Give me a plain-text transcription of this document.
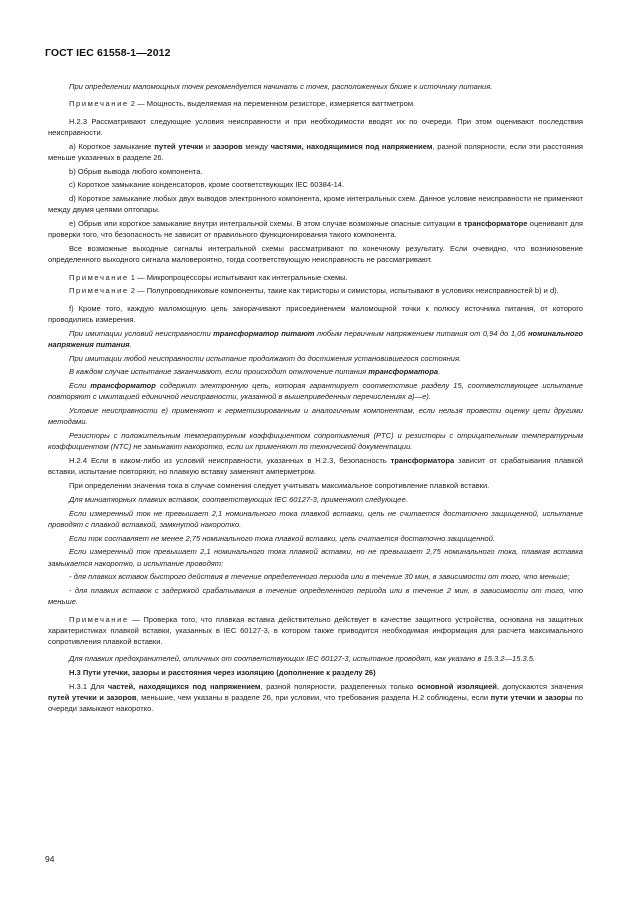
ГОСТ IEC 61558-1—2012

При определении маломощных точек рекомендуется начинать с точек, расположенных ближе к источнику питания.

Примечание 2 — Мощность, выделяемая на переменном резисторе, измеряется ваттметром.

H.2.3 Рассматривают следующие условия неисправности и при необходимости вводят их по очереди. При этом оценивают последствия неисправности.

a) Короткое замыкание путей утечки и зазоров между частями, находящимися под напряжением, разной полярности, если эти расстояния меньше указанных в разделе 26.

b) Обрыв вывода любого компонента.

c) Короткое замыкание конденсаторов, кроме соответствующих IEC 60384-14.

d) Короткое замыкание любых двух выводов электронного компонента, кроме интегральных схем. Данное условие неисправности не применяют между двумя цепями оптопары.

e) Обрыв или короткое замыкание внутри интегральной схемы. В этом случае возможные опасные ситуации в трансформаторе оценивают для проверки того, что безопасность не зависит от правильного функционирования такого компонента.

Все возможные выходные сигналы интегральной схемы рассматривают по конечному результату. Если очевидно, что возникновение определенного выходного сигнала маловероятно, тогда соответствующую неисправность не рассматривают.

Примечание 1 — Микропроцессоры испытывают как интегральные схемы.

Примечание 2 — Полупроводниковые компоненты, такие как тиристоры и симисторы, испытывают в условиях неисправностей b) и d).

f) Кроме того, каждую маломощную цепь закорачивают присоединением маломощной точки к полюсу источника питания, от которого проводились измерения.

При имитации условий неисправности трансформатор питают любым первичным напряжением питания от 0,94 до 1,06 номинального напряжения питания.

При имитации любой неисправности испытание продолжают до достижения установившегося состояния.

В каждом случае испытание заканчивают, если происходит отключение питания трансформатора.

Если трансформатор содержит электронную цепь, которая гарантирует соответствие разделу 15, соответствующее испытание повторяют с имитацией единичной неисправности, указанной в вышеприведенных перечислениях a)—e).

Условие неисправности e) применяют к герметизированным и аналогичным компонентам, если нельзя провести оценку цепи другими методами.

Резисторы с положительным температурным коэффициентом сопротивления (PTC) и резисторы с отрицательным температурным коэффициентом (NTC) не замыкают накоротко, если их применяют по технической документации.

H.2.4 Если в каком-либо из условий неисправности, указанных в H.2.3, безопасность трансформатора зависит от срабатывания плавкой вставки, испытание повторяют, но плавкую вставку заменяют амперметром.

При определении значения тока в случае сомнения следует учитывать максимальное сопротивление плавкой вставки.

Для миниатюрных плавких вставок, соответствующих IEC 60127-3, применяют следующее.

Если измеренный ток не превышает 2,1 номинального тока плавкой вставки, цепь не считается достаточно защищенной, испытание проводят с плавкой вставкой, замкнутой накоротко.

Если ток составляет не менее 2,75 номинального тока плавкой вставки, цепь считается достаточно защищенной.

Если измеренный ток превышает 2,1 номинального тока плавкой вставки, но не превышает 2,75 номинального тока, плавкая вставка замыкается накоротко, и испытание проводят:

- для плавких вставок быстрого действия в течение определенного периода или в течение 30 мин, в зависимости от того, что меньше;

- для плавких вставок с задержкой срабатывания в течение определенного периода или в течение 2 мин, в зависимости от того, что меньше.

Примечание — Проверка того, что плавкая вставка действительно действует в качестве защитного устройства, основана на защитных характеристиках плавкой вставки, указанных в IEC 60127-3, в котором также приводится необходимая информация для расчета максимального сопротивления плавкой вставки.

Для плавких предохранителей, отличных от соответствующих IEC 60127-3, испытание проводят, как указано в 15.3.2—15.3.5.

H.3 Пути утечки, зазоры и расстояния через изоляцию (дополнение к разделу 26)

H.3.1 Для частей, находящихся под напряжением, разной полярности, разделенных только основной изоляцией, допускаются значения путей утечки и зазоров, меньшие, чем указаны в разделе 26, при условии, что требования раздела H.2 соблюдены, если пути утечки и зазоры по очереди замыкают накоротко.

94
